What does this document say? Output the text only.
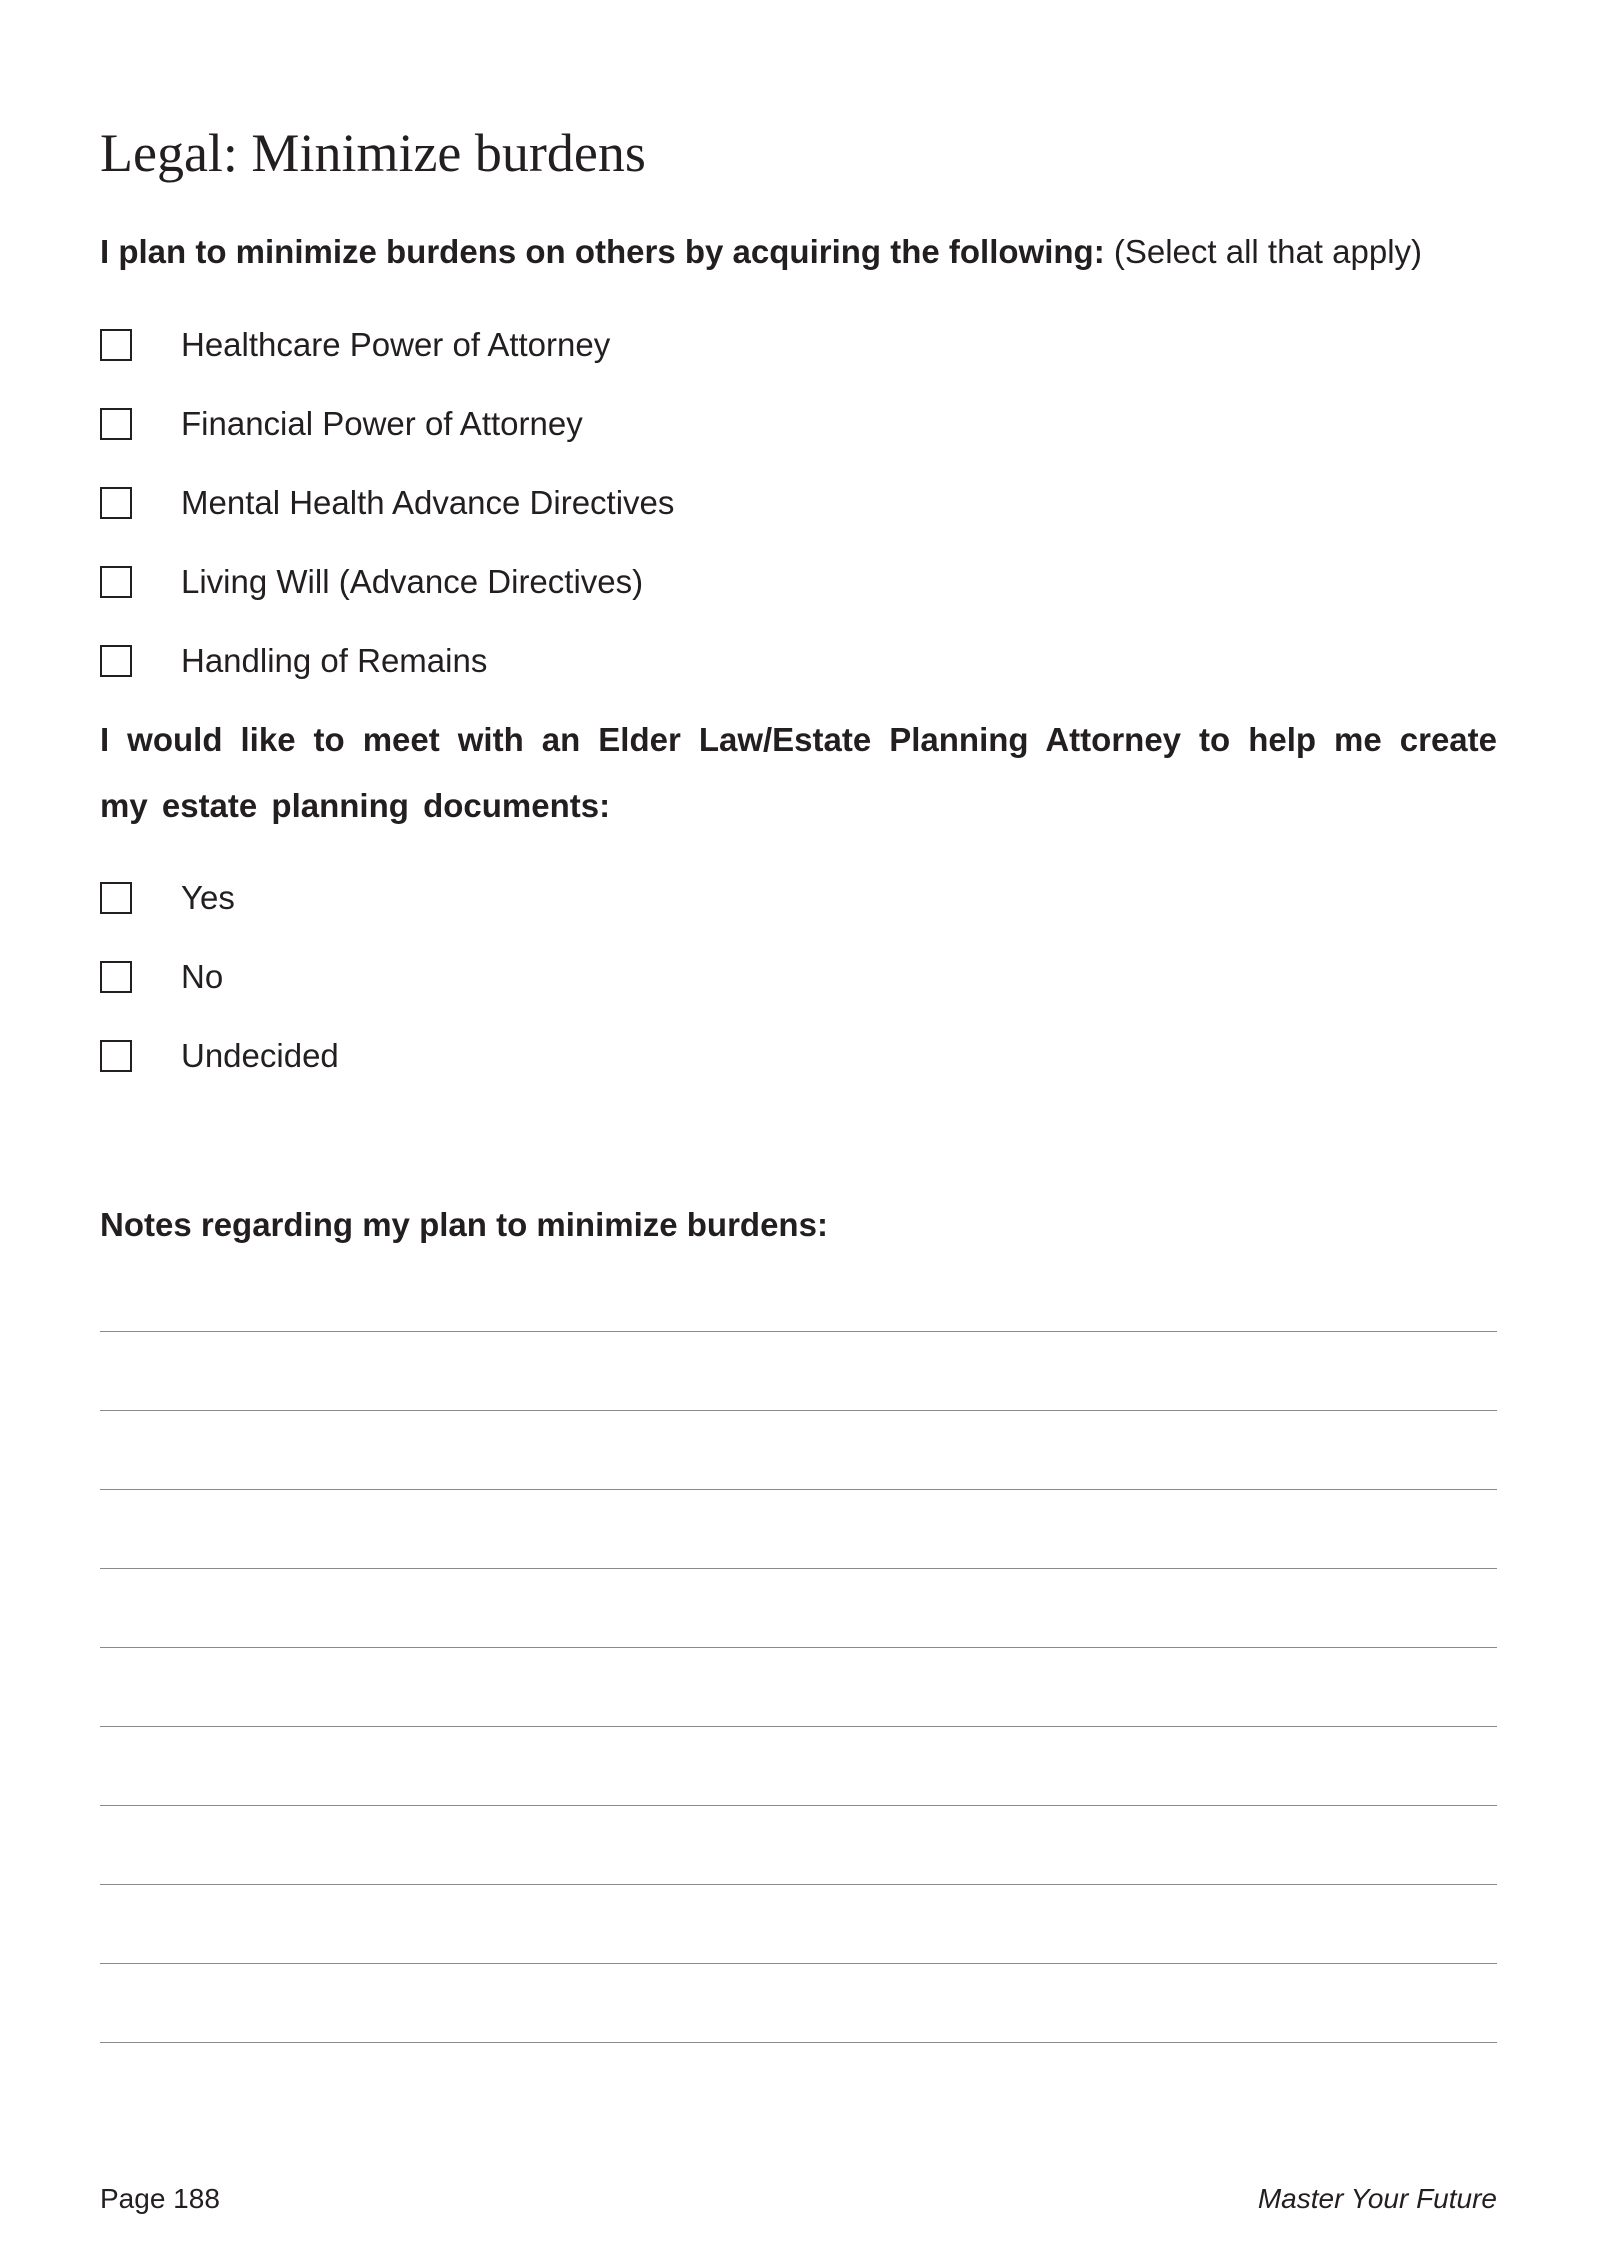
Legal: Minimize burdens

I plan to minimize burdens on others by acquiring the following: (Select all that apply)

Healthcare Power of Attorney
Financial Power of Attorney
Mental Health Advance Directives
Living Will (Advance Directives)
Handling of Remains

I would like to meet with an Elder Law/Estate Planning Attorney to help me create my estate planning documents:

Yes
No
Undecided

Notes regarding my plan to minimize burdens:

Page 188	Master Your Future
